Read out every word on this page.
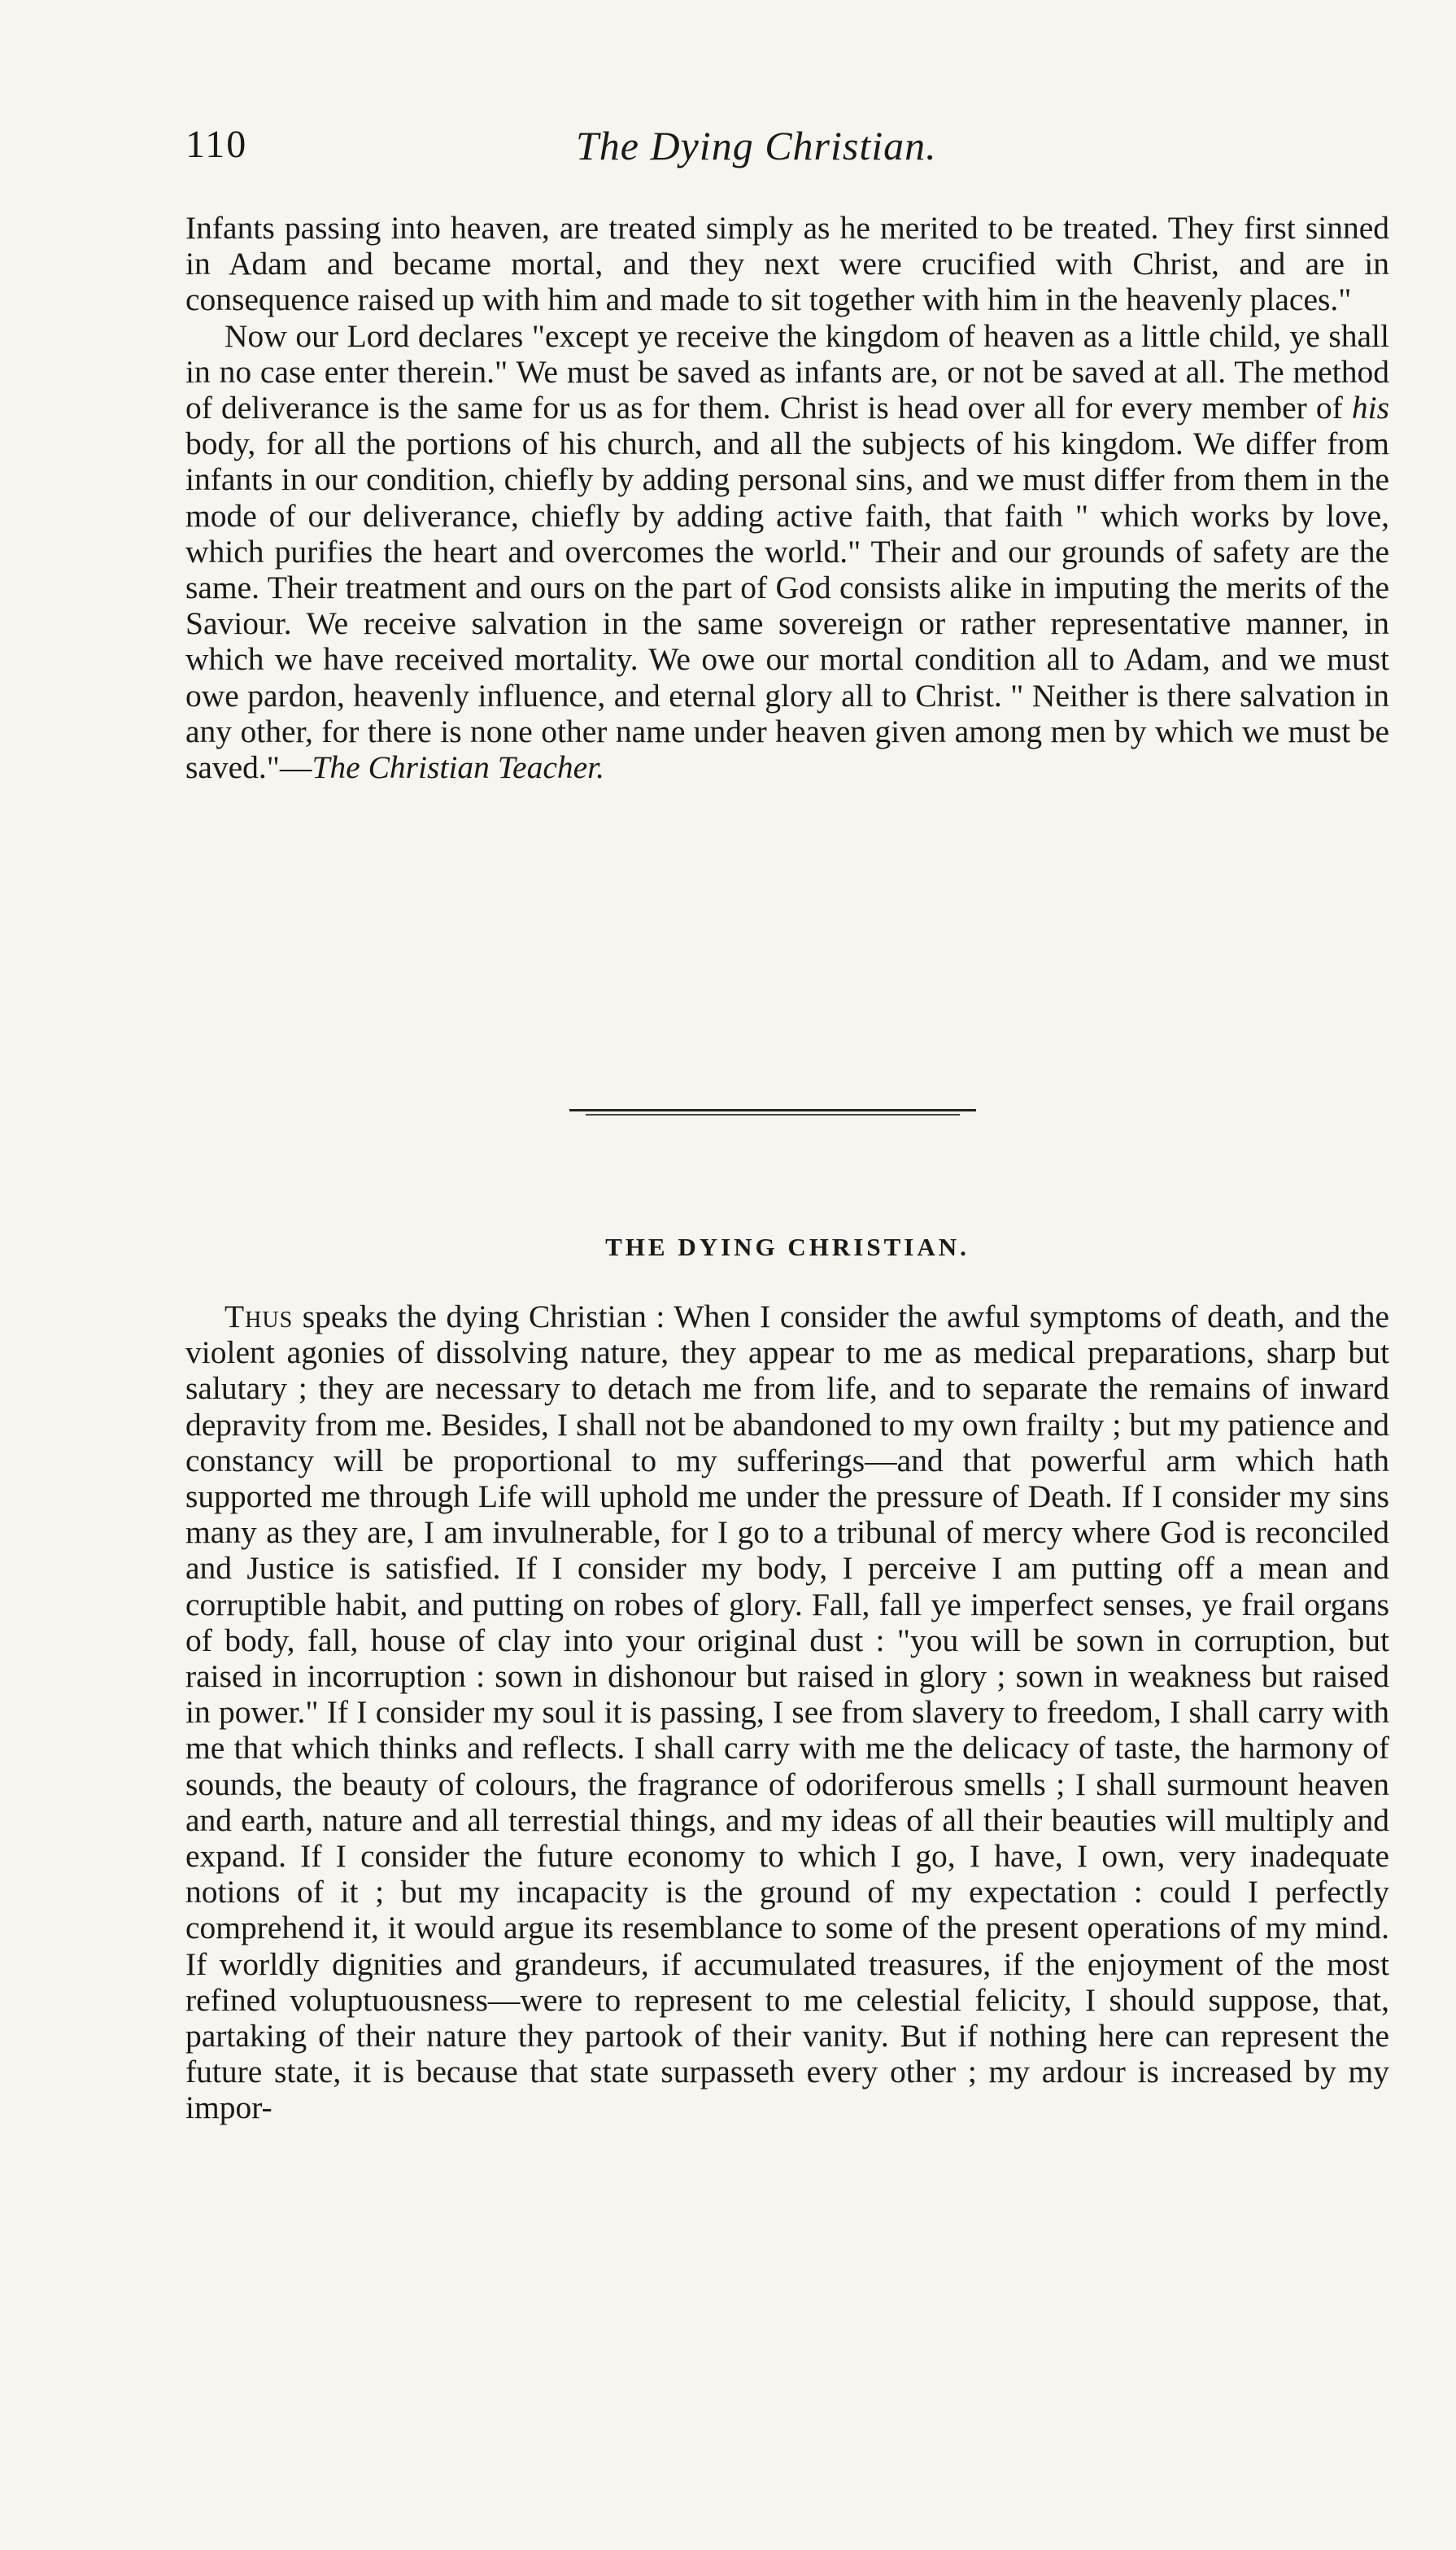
110	The Dying Christian.

Infants passing into heaven, are treated simply as he merited to be treated. They first sinned in Adam and became mortal, and they next were crucified with Christ, and are in consequence raised up with him and made to sit together with him in the heavenly places."

Now our Lord declares "except ye receive the kingdom of heaven as a little child, ye shall in no case enter therein." We must be saved as infants are, or not be saved at all. The method of deliverance is the same for us as for them. Christ is head over all for every member of his body, for all the portions of his church, and all the subjects of his kingdom. We differ from infants in our condition, chiefly by adding personal sins, and we must differ from them in the mode of our deliverance, chiefly by adding active faith, that faith " which works by love, which purifies the heart and overcomes the world." Their and our grounds of safety are the same. Their treatment and ours on the part of God consists alike in imputing the merits of the Saviour. We receive salvation in the same sovereign or rather representative manner, in which we have received mortality. We owe our mortal condition all to Adam, and we must owe pardon, heavenly influence, and eternal glory all to Christ. " Neither is there salvation in any other, for there is none other name under heaven given among men by which we must be saved."—The Christian Teacher.

THE DYING CHRISTIAN.

Thus speaks the dying Christian : When I consider the awful symptoms of death, and the violent agonies of dissolving nature, they appear to me as medical preparations, sharp but salutary ; they are necessary to detach me from life, and to separate the remains of inward depravity from me. Besides, I shall not be abandoned to my own frailty ; but my patience and constancy will be proportional to my sufferings—and that powerful arm which hath supported me through Life will uphold me under the pressure of Death. If I consider my sins many as they are, I am invulnerable, for I go to a tribunal of mercy where God is reconciled and Justice is satisfied. If I consider my body, I perceive I am putting off a mean and corruptible habit, and putting on robes of glory. Fall, fall ye imperfect senses, ye frail organs of body, fall, house of clay into your original dust : "you will be sown in corruption, but raised in incorruption : sown in dishonour but raised in glory ; sown in weakness but raised in power." If I consider my soul it is passing, I see from slavery to freedom, I shall carry with me that which thinks and reflects. I shall carry with me the delicacy of taste, the harmony of sounds, the beauty of colours, the fragrance of odoriferous smells ; I shall surmount heaven and earth, nature and all terrestial things, and my ideas of all their beauties will multiply and expand. If I consider the future economy to which I go, I have, I own, very inadequate notions of it ; but my incapacity is the ground of my expectation : could I perfectly comprehend it, it would argue its resemblance to some of the present operations of my mind. If worldly dignities and grandeurs, if accumulated treasures, if the enjoyment of the most refined voluptuousness—were to represent to me celestial felicity, I should suppose, that, partaking of their nature they partook of their vanity. But if nothing here can represent the future state, it is because that state surpasseth every other ; my ardour is increased by my impor-
